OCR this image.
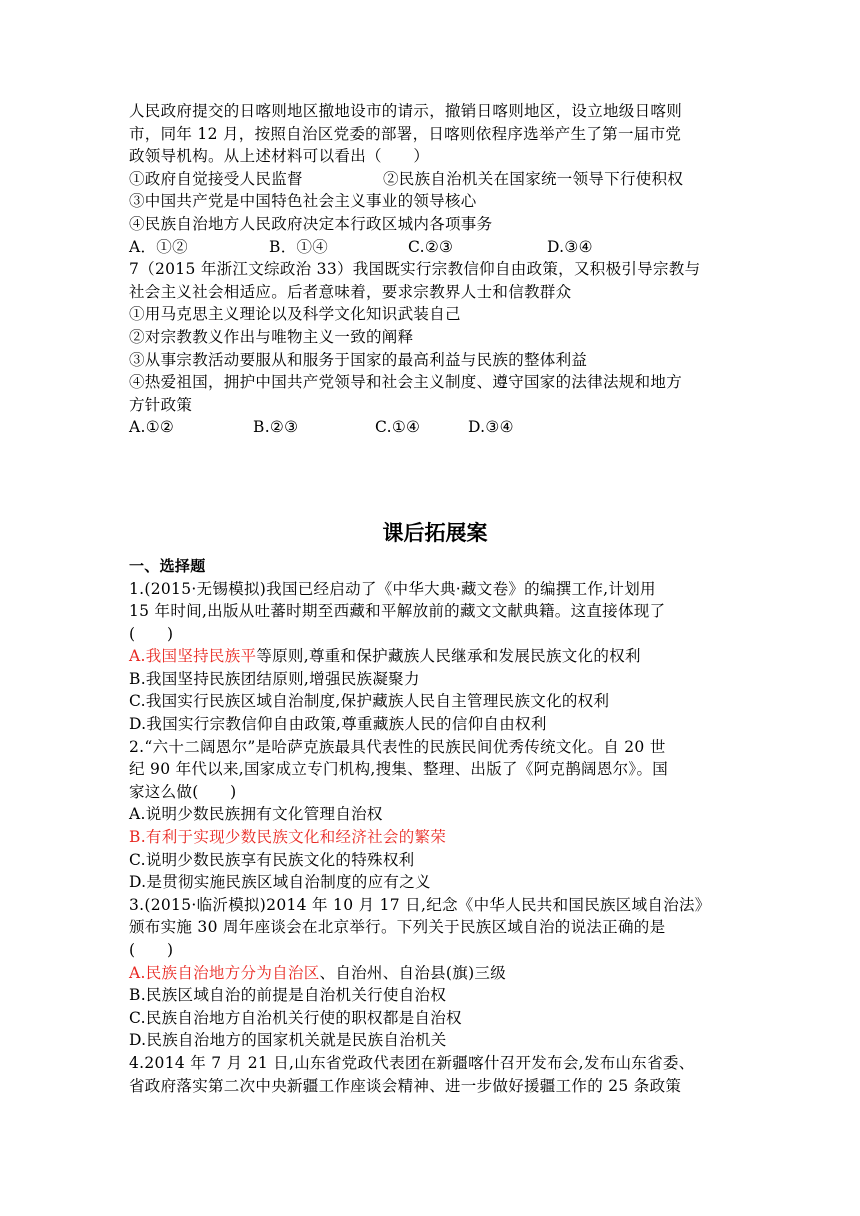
人民政府提交的日喀则地区撤地设市的请示，撤销日喀则地区，设立地级日喀则
市，同年 12 月，按照自治区党委的部署，日喀则依程序选举产生了第一届市党
政领导机构。从上述材料可以看出（　　）
①政府自觉接受人民监督	②民族自治机关在国家统一领导下行使积权
③中国共产党是中国特色社会主义事业的领导核心
④民族自治地方人民政府决定本行政区城内各项事务
A．①②	B．①④	C.②③	D.③④
7（2015 年浙江文综政治 33）我国既实行宗教信仰自由政策，又积极引导宗教与
社会主义社会相适应。后者意味着，要求宗教界人士和信教群众
①用马克思主义理论以及科学文化知识武装自己
②对宗教教义作出与唯物主义一致的阐释
③从事宗教活动要服从和服务于国家的最高利益与民族的整体利益
④热爱祖国，拥护中国共产党领导和社会主义制度、遵守国家的法律法规和地方
方针政策
A.①②	B.②③	C.①④	D.③④
课后拓展案
一、选择题
1.(2015·无锡模拟)我国已经启动了《中华大典·藏文卷》的编撰工作,计划用
15 年时间,出版从吐蕃时期至西藏和平解放前的藏文文献典籍。这直接体现了
(　　)
A.我国坚持民族平等原则,尊重和保护藏族人民继承和发展民族文化的权利
B.我国坚持民族团结原则,增强民族凝聚力
C.我国实行民族区域自治制度,保护藏族人民自主管理民族文化的权利
D.我国实行宗教信仰自由政策,尊重藏族人民的信仰自由权利
2.“六十二阔恩尔”是哈萨克族最具代表性的民族民间优秀传统文化。自 20 世
纪 90 年代以来,国家成立专门机构,搜集、整理、出版了《阿克鹊阔恩尔》。国
家这么做(　　)
A.说明少数民族拥有文化管理自治权
B.有利于实现少数民族文化和经济社会的繁荣
C.说明少数民族享有民族文化的特殊权利
D.是贯彻实施民族区域自治制度的应有之义
3.(2015·临沂模拟)2014 年 10 月 17 日,纪念《中华人民共和国民族区域自治法》
颁布实施 30 周年座谈会在北京举行。下列关于民族区域自治的说法正确的是
(　　)
A.民族自治地方分为自治区、自治州、自治县(旗)三级
B.民族区域自治的前提是自治机关行使自治权
C.民族自治地方自治机关行使的职权都是自治权
D.民族自治地方的国家机关就是民族自治机关
4.2014 年 7 月 21 日,山东省党政代表团在新疆喀什召开发布会,发布山东省委、
省政府落实第二次中央新疆工作座谈会精神、进一步做好援疆工作的 25 条政策
